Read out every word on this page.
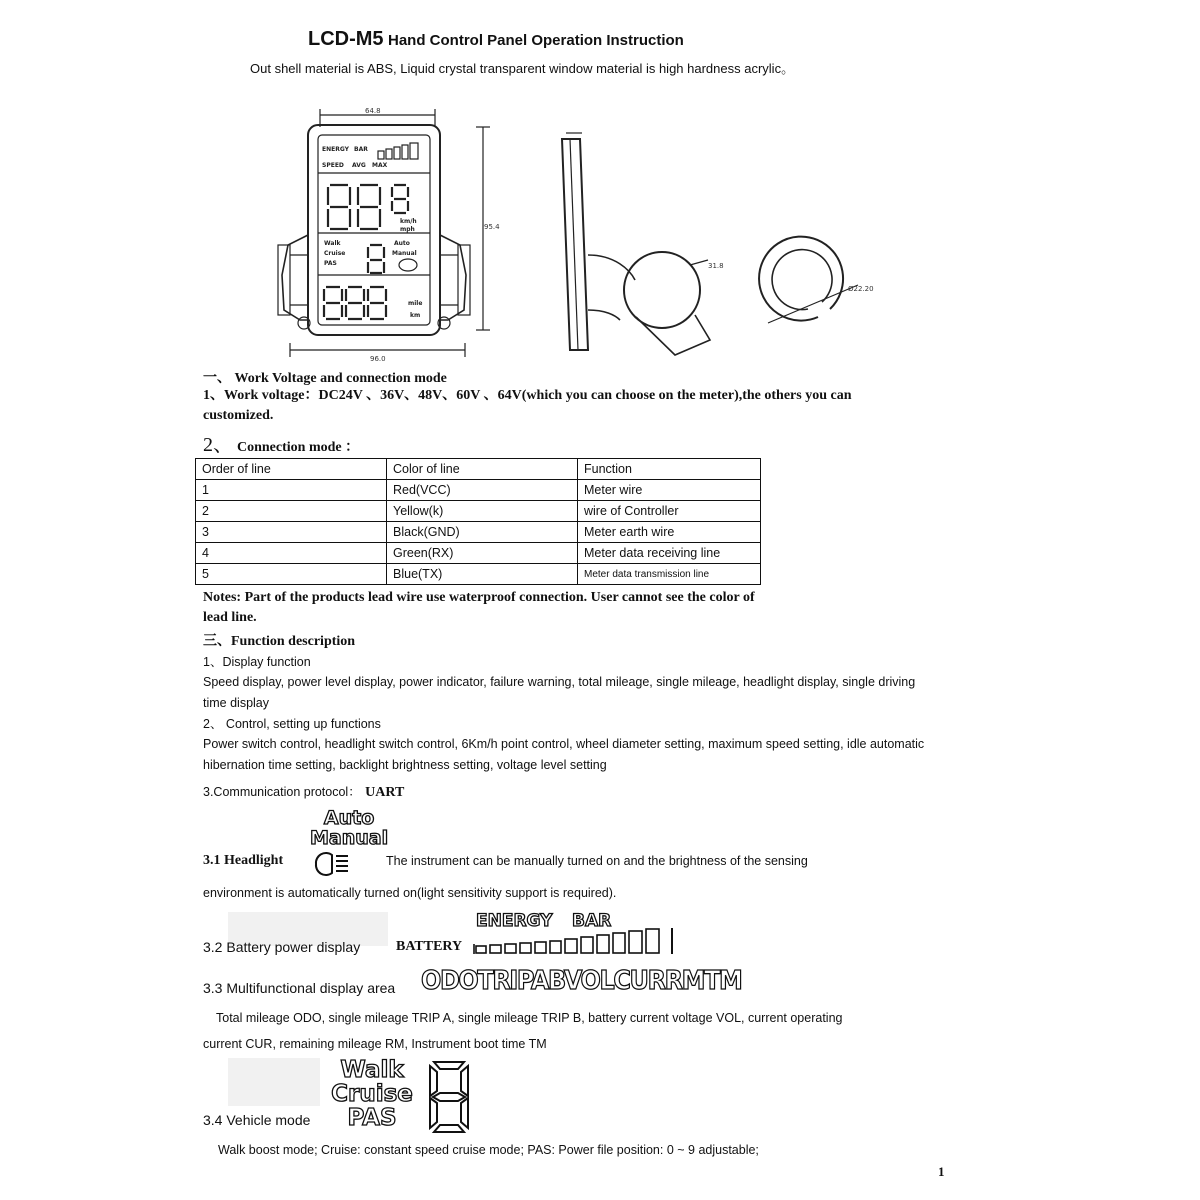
LCD-M5 Hand Control Panel Operation Instruction
Out shell material is ABS, Liquid crystal transparent window material is high hardness acrylic。
64.8
95.4
96.0
31.8
Ø22.20
ENERGY BAR
SPEED AVG MAX
km/h
mph
Walk
Cruise
PAS
Auto
Manual
mile
km
一、 Work Voltage and connection mode
1、Work voltage：DC24V 、36V、48V、60V 、64V(which you can choose on the meter),the others you can customized.
2、 Connection mode ：
Order of line	Color of line	Function
1	Red(VCC)	Meter wire
2	Yellow(k)	wire of Controller
3	Black(GND)	Meter earth wire
4	Green(RX)	Meter data receiving line
5	Blue(TX)	Meter data transmission line
Notes: Part of the products lead wire use waterproof connection. User cannot see the color of lead line.
三、Function description
1、Display function
Speed display, power level display, power indicator, failure warning, total mileage, single mileage, headlight display, single driving time display
2、 Control, setting up functions
Power switch control, headlight switch control, 6Km/h point control, wheel diameter setting, maximum speed setting, idle automatic hibernation time setting, backlight brightness setting, voltage level setting
3.Communication protocol： UART
Auto
Manual
3.1 Headlight	The instrument can be manually turned on and the brightness of the sensing
environment is automatically turned on(light sensitivity support is required).
ENERGY BAR
3.2 Battery power display	BATTERY
3.3 Multifunctional display area ODOTRIPABVOLCURRMTM
Total mileage ODO, single mileage TRIP A, single mileage TRIP B, battery current voltage VOL, current operating
current CUR, remaining mileage RM, Instrument boot time TM
Walk
Cruise
PAS
3.4 Vehicle mode
Walk boost mode; Cruise: constant speed cruise mode; PAS: Power file position: 0 ~ 9 adjustable;
1
